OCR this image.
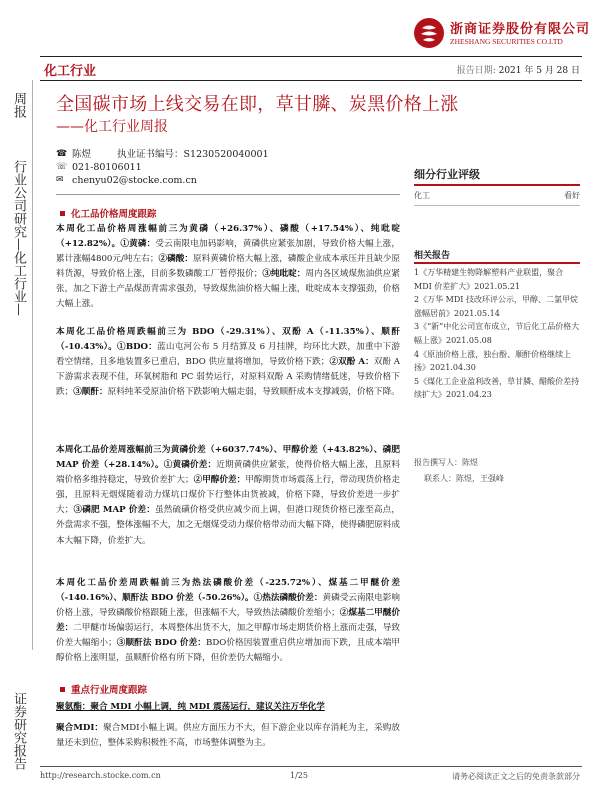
浙商证券股份有限公司
ZHESHANG SECURITIES CO.LTD
化工行业	报告日期: 2021 年 5 月 28 日
周报
行业公司研究—化工行业—
证券研究报告
全国碳市场上线交易在即，草甘膦、炭黑价格上涨
——化工行业周报
☎ 陈煜	执业证书编号： S1230520040001
☏ 021-80106011
✉ chenyu02@stocke.com.cn
化工品价格周度跟踪
本周化工品价格周涨幅前三为黄磷（+26.37%）、磷酸（+17.54%）、纯吡啶（+12.82%）。①黄磷：受云南限电加码影响，黄磷供应紧张加剧，导致价格大幅上涨，累计涨幅4800元/吨左右；②磷酸：原料黄磷价格大幅上涨，磷酸企业成本承压并且缺少原料货源，导致价格上涨，目前多数磷酸工厂暂停报价；③纯吡啶：周内各区域煤焦油供应紧张，加之下游土产品煤沥青需求强劲，导致煤焦油价格大幅上涨，吡啶成本支撑强劲，价格大幅上涨。
本周化工品价格周跌幅前三为 BDO（-29.31%）、双酚 A（-11.35%）、顺酐（-10.43%）。①BDO：蓝山屯河公布 5 月结算及 6 月挂牌，均环比大跌，加重中下游看空情绪，且多地装置多已重启，BDO 供应量将增加，导致价格下跌；②双酚 A：双酚 A 下游需求表现不佳，环氧树脂和 PC 弱势运行，对原料双酚 A 采购情绪低迷，导致价格下跌；③顺酐：原料纯苯受原油价格下跌影响大幅走弱，导致顺酐成本支撑减弱，价格下降。
本周化工品价差周涨幅前三为黄磷价差（+6037.74%）、甲醇价差（+43.82%）、磷肥 MAP 价差（+28.14%）。①黄磷价差：近期黄磷供应紧张，使得价格大幅上涨，且原料端价格多维持稳定，导致价差扩大；②甲醇价差：甲醇期货市场震荡上行，带动现货价格走强，且原料无烟煤随着动力煤坑口煤价下行整体由货被减，价格下降，导致价差进一步扩大；③磷肥 MAP 价差：虽然硫磺价格受供应减少而上调，但港口现货价格已涨至高点，外盘需求不强，整体涨幅不大，加之无烟煤受动力煤价格带动而大幅下降，使得磷肥原料成本大幅下降，价差扩大。
本周化工品价差周跌幅前三为热法磷酸价差（-225.72%）、煤基二甲醚价差（-140.16%）、顺酐法 BDO 价差（-50.26%）。①热法磷酸价差：黄磷受云南限电影响价格上涨，导致磷酸价格跟随上涨，但涨幅不大，导致热法磷酸价差缩小；②煤基二甲醚价差：二甲醚市场偏弱运行，本周整体出货不大，加之甲醇市场走期货价格上涨而走强，导致价差大幅缩小；③顺酐法 BDO 价差：BDO价格因装置重启供应增加而下跌，且成本端甲醇价格上涨明显，虽顺酐价格有所下降，但价差仍大幅缩小。
重点行业周度跟踪
聚氨酯：聚合 MDI 小幅上调，纯 MDI 震荡运行，建议关注万华化学
聚合MDI：聚合MDI小幅上调。供应方面压力不大，但下游企业以库存消耗为主，采购放量还未到位，整体采购积极性不高，市场整体调整为主。
细分行业评级
化工	看好
相关报告
1《万华精建生物降解塑料产业联盟，聚合 MDI 价差扩大》2021.05.21
2《万华 MDI 技改环评公示，甲醇、二氯甲烷涨幅居前》2021.05.14
3《“新”中化公司宣布成立，节后化工品价格大幅上涨》2021.05.08
4《原油价格上涨，独台酚、顺酐价格继续上扬》2021.04.30
5《煤化工企业盈利改善，草甘膦、醋酸价差持续扩大》2021.04.23
报告撰写人：陈煜
联系人：陈煜，王强峰
http://research.stocke.com.cn	1/25	请务必阅读正文之后的免责条款部分
